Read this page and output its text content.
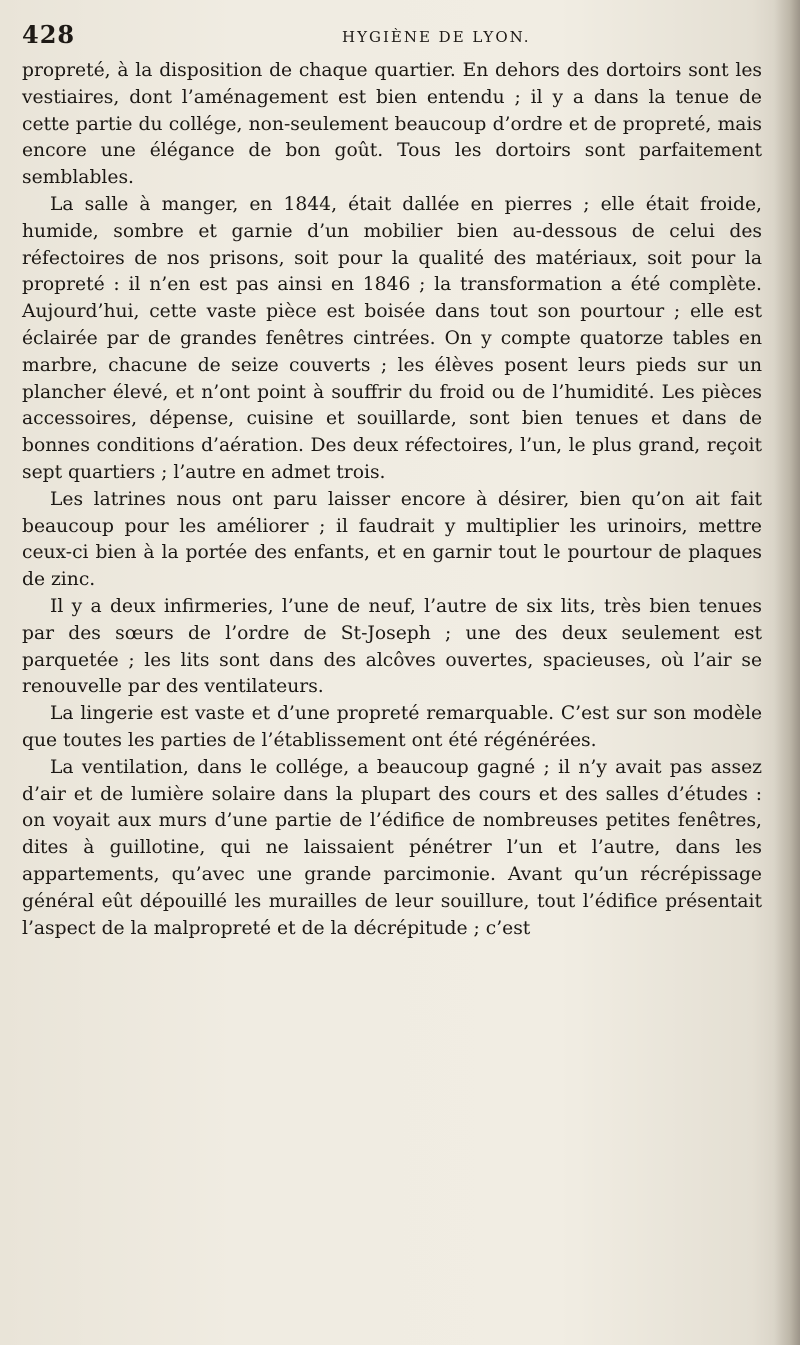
428	HYGIÈNE DE LYON.

propreté, à la disposition de chaque quartier. En dehors des dortoirs sont les vestiaires, dont l’aménagement est bien entendu ; il y a dans la tenue de cette partie du collége, non-seulement beaucoup d’ordre et de propreté, mais encore une élégance de bon goût. Tous les dortoirs sont parfaitement semblables.

La salle à manger, en 1844, était dallée en pierres ; elle était froide, humide, sombre et garnie d’un mobilier bien au-dessous de celui des réfectoires de nos prisons, soit pour la qualité des matériaux, soit pour la propreté : il n’en est pas ainsi en 1846 ; la transformation a été complète. Aujourd’hui, cette vaste pièce est boisée dans tout son pourtour ; elle est éclairée par de grandes fenêtres cintrées. On y compte quatorze tables en marbre, chacune de seize couverts ; les élèves posent leurs pieds sur un plancher élevé, et n’ont point à souffrir du froid ou de l’humidité. Les pièces accessoires, dépense, cuisine et souillarde, sont bien tenues et dans de bonnes conditions d’aération. Des deux réfectoires, l’un, le plus grand, reçoit sept quartiers ; l’autre en admet trois.

Les latrines nous ont paru laisser encore à désirer, bien qu’on ait fait beaucoup pour les améliorer ; il faudrait y multiplier les urinoirs, mettre ceux-ci bien à la portée des enfants, et en garnir tout le pourtour de plaques de zinc.

Il y a deux infirmeries, l’une de neuf, l’autre de six lits, très bien tenues par des sœurs de l’ordre de St-Joseph ; une des deux seulement est parquetée ; les lits sont dans des alcôves ouvertes, spacieuses, où l’air se renouvelle par des ventilateurs.

La lingerie est vaste et d’une propreté remarquable. C’est sur son modèle que toutes les parties de l’établissement ont été régénérées.

La ventilation, dans le collége, a beaucoup gagné ; il n’y avait pas assez d’air et de lumière solaire dans la plupart des cours et des salles d’études : on voyait aux murs d’une partie de l’édifice de nombreuses petites fenêtres, dites à guillotine, qui ne laissaient pénétrer l’un et l’autre, dans les appartements, qu’avec une grande parcimonie. Avant qu’un récrépissage général eût dépouillé les murailles de leur souillure, tout l’édifice présentait l’aspect de la malpropreté et de la décrépitude ; c’est
